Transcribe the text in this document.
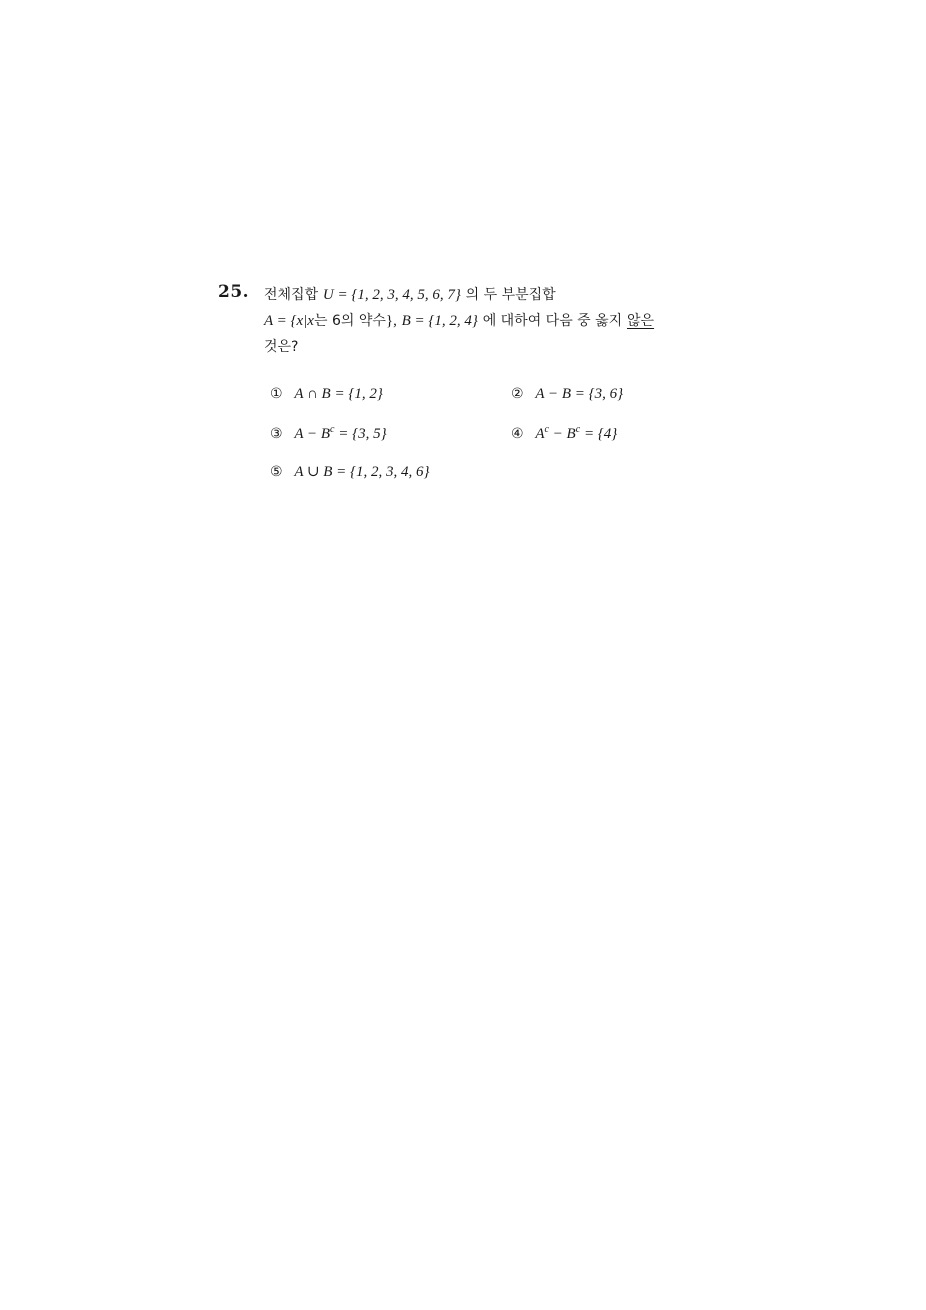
25. 전체집합 U = {1, 2, 3, 4, 5, 6, 7} 의 두 부분집합
A = {x|x는 6의 약수}, B = {1, 2, 4} 에 대하여 다음 중 옳지 않은
것은?
① A ∩ B = {1, 2}	② A − B = {3, 6}
③ $A - B^c = \{3$, 5}	④ $A^c - B^c = \{4\}$
⑤ A ∪ B = {1, 2, 3, 4, 6}
